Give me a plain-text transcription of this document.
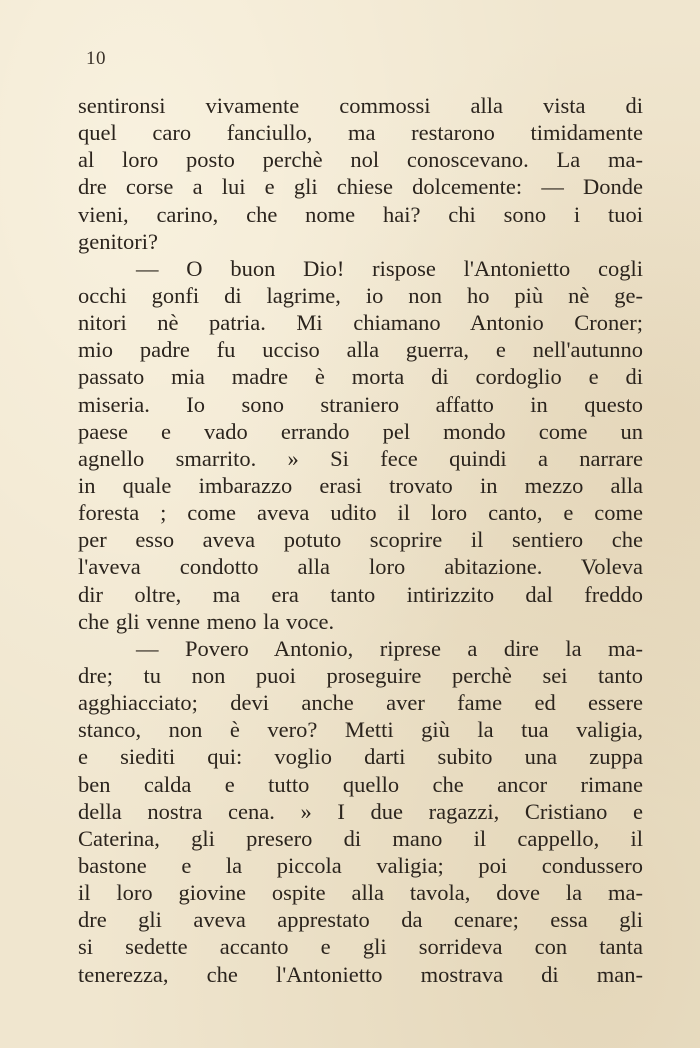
10
sentironsi vivamente commossi alla vista di
quel caro fanciullo, ma restarono timidamente
al loro posto perchè nol conoscevano. La ma-
dre corse a lui e gli chiese dolcemente: — Donde
vieni, carino, che nome hai? chi sono i tuoi
genitori?
— O buon Dio! rispose l'Antonietto cogli
occhi gonfi di lagrime, io non ho più nè ge-
nitori nè patria. Mi chiamano Antonio Croner;
mio padre fu ucciso alla guerra, e nell'autunno
passato mia madre è morta di cordoglio e di
miseria. Io sono straniero affatto in questo
paese e vado errando pel mondo come un
agnello smarrito. » Si fece quindi a narrare
in quale imbarazzo erasi trovato in mezzo alla
foresta ; come aveva udito il loro canto, e come
per esso aveva potuto scoprire il sentiero che
l'aveva condotto alla loro abitazione. Voleva
dir oltre, ma era tanto intirizzito dal freddo
che gli venne meno la voce.
— Povero Antonio, riprese a dire la ma-
dre; tu non puoi proseguire perchè sei tanto
agghiacciato; devi anche aver fame ed essere
stanco, non è vero? Metti giù la tua valigia,
e siediti qui: voglio darti subito una zuppa
ben calda e tutto quello che ancor rimane
della nostra cena. » I due ragazzi, Cristiano e
Caterina, gli presero di mano il cappello, il
bastone e la piccola valigia; poi condussero
il loro giovine ospite alla tavola, dove la ma-
dre gli aveva apprestato da cenare; essa gli
si sedette accanto e gli sorrideva con tanta
tenerezza, che l'Antonietto mostrava di man-
